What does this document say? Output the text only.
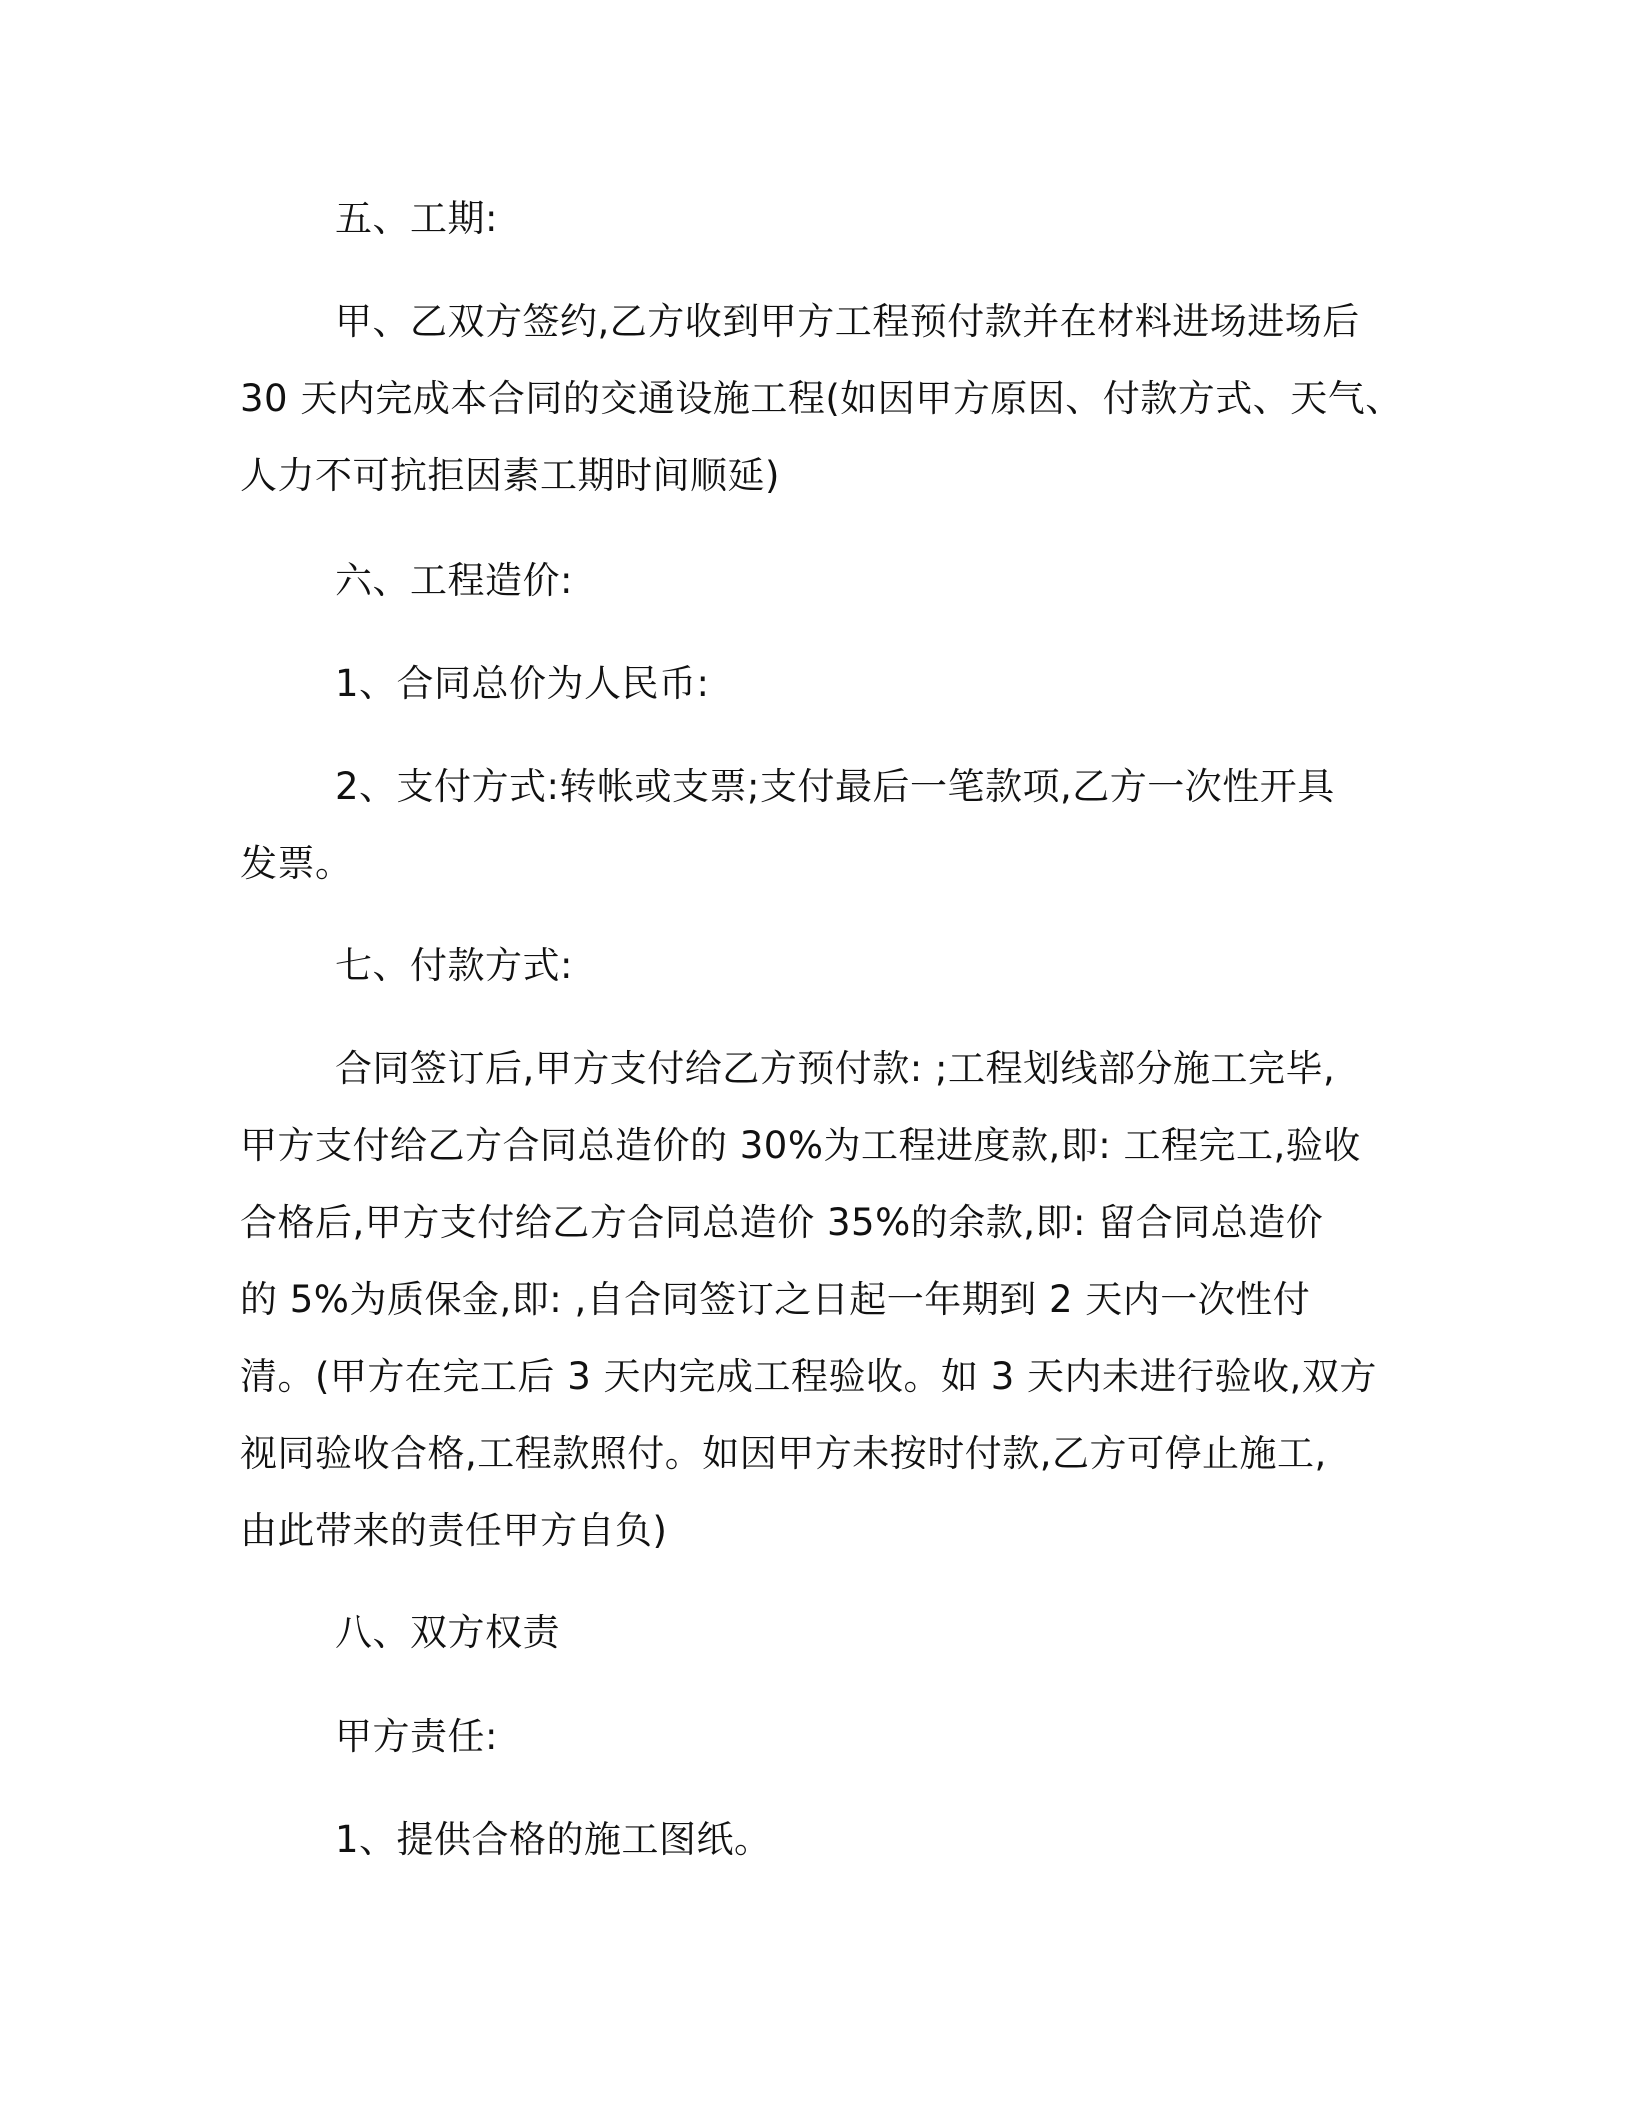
五、工期:

甲、乙双方签约,乙方收到甲方工程预付款并在材料进场进场后
30 天内完成本合同的交通设施工程(如因甲方原因、付款方式、天气、
人力不可抗拒因素工期时间顺延)

六、工程造价:

1、合同总价为人民币:

2、支付方式:转帐或支票;支付最后一笔款项,乙方一次性开具
发票。

七、付款方式:

合同签订后,甲方支付给乙方预付款: ;工程划线部分施工完毕,
甲方支付给乙方合同总造价的 30%为工程进度款,即: 工程完工,验收
合格后,甲方支付给乙方合同总造价 35%的余款,即: 留合同总造价
的 5%为质保金,即: ,自合同签订之日起一年期到 2 天内一次性付
清。(甲方在完工后 3 天内完成工程验收。如 3 天内未进行验收,双方
视同验收合格,工程款照付。如因甲方未按时付款,乙方可停止施工,
由此带来的责任甲方自负)

八、双方权责

甲方责任:

1、提供合格的施工图纸。
